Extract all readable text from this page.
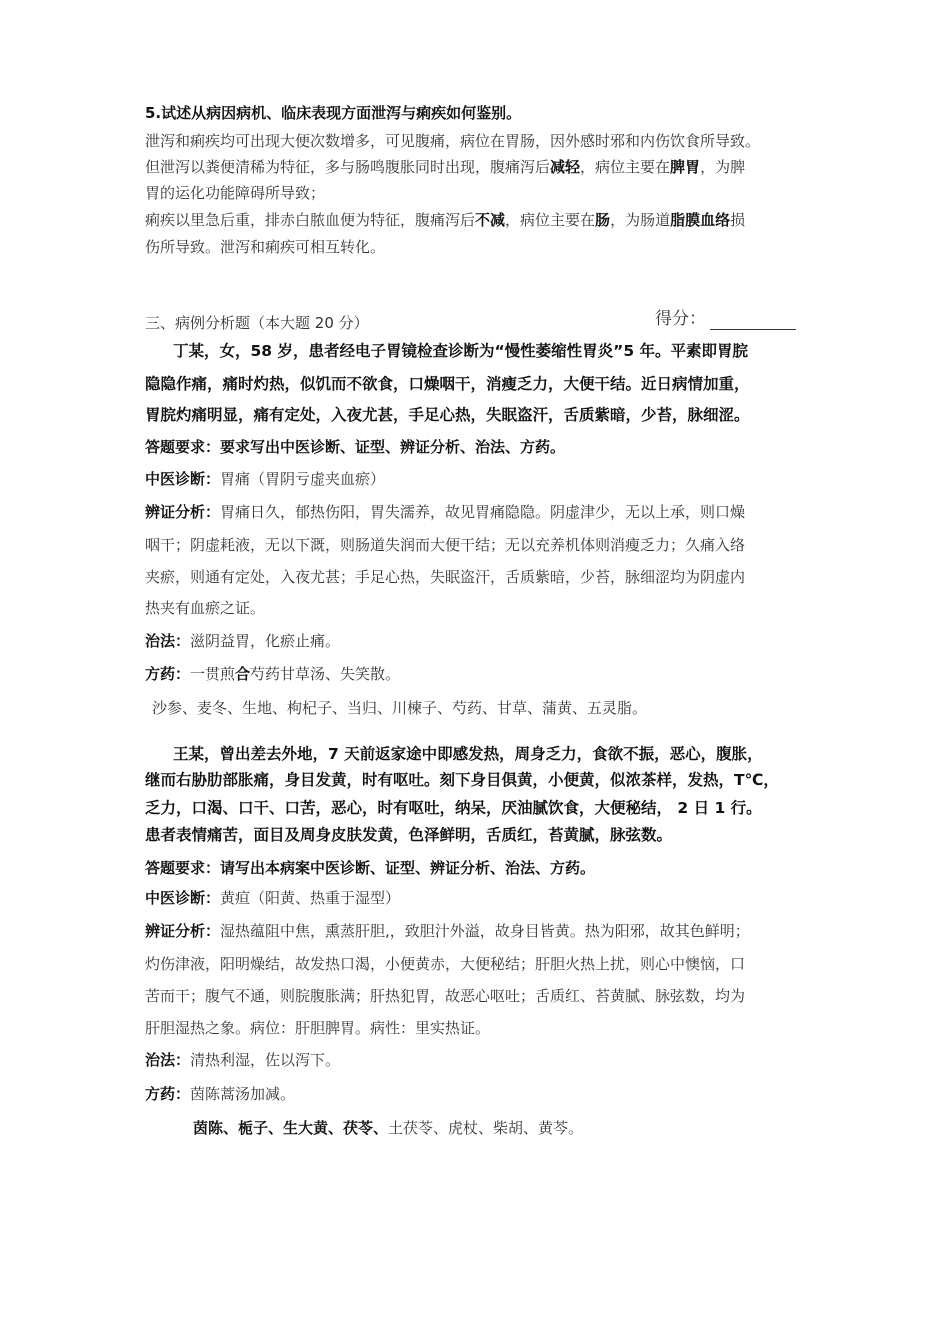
5.试述从病因病机、临床表现方面泄泻与痢疾如何鉴别。
泄泻和痢疾均可出现大便次数增多，可见腹痛，病位在胃肠，因外感时邪和内伤饮食所导致。
但泄泻以粪便清稀为特征，多与肠鸣腹胀同时出现，腹痛泻后减轻，病位主要在脾胃，为脾
胃的运化功能障碍所导致；
痢疾以里急后重，排赤白脓血便为特征，腹痛泻后不减，病位主要在肠，为肠道脂膜血络损
伤所导致。泄泻和痢疾可相互转化。
三、病例分析题（本大题 20 分）	得分：
丁某，女，58 岁，患者经电子胃镜检查诊断为“慢性萎缩性胃炎”5 年。平素即胃脘
隐隐作痛，痛时灼热，似饥而不欲食，口燥咽干，消瘦乏力，大便干结。近日病情加重，
胃脘灼痛明显，痛有定处，入夜尤甚，手足心热，失眠盗汗，舌质紫暗，少苔，脉细涩。
答题要求：要求写出中医诊断、证型、辨证分析、治法、方药。
中医诊断：胃痛（胃阴亏虚夹血瘀）
辨证分析：胃痛日久，郁热伤阳，胃失濡养，故见胃痛隐隐。阴虚津少，无以上承，则口燥
咽干；阴虚耗液，无以下溉，则肠道失润而大便干结；无以充养机体则消瘦乏力；久痛入络
夹瘀，则通有定处，入夜尤甚；手足心热，失眠盗汗，舌质紫暗，少苔，脉细涩均为阴虚内
热夹有血瘀之证。
治法：滋阴益胃，化瘀止痛。
方药：一贯煎合芍药甘草汤、失笑散。
沙参、麦冬、生地、枸杞子、当归、川楝子、芍药、甘草、蒲黄、五灵脂。
王某，曾出差去外地，7 天前返家途中即感发热，周身乏力，食欲不振，恶心，腹胀，
继而右胁肋部胀痛，身目发黄，时有呕吐。刻下身目俱黄，小便黄，似浓茶样，发热，T℃，
乏力，口渴、口干、口苦，恶心，时有呕吐，纳呆，厌油腻饮食，大便秘结， 2 日 1 行。
患者表情痛苦，面目及周身皮肤发黄，色泽鲜明，舌质红，苔黄腻，脉弦数。
答题要求：请写出本病案中医诊断、证型、辨证分析、治法、方药。
中医诊断：黄疸（阳黄、热重于湿型）
辨证分析：湿热蕴阻中焦，熏蒸肝胆,，致胆汁外溢，故身目皆黄。热为阳邪，故其色鲜明；
灼伤津液，阳明燥结，故发热口渴，小便黄赤，大便秘结；肝胆火热上扰，则心中懊恼，口
苦而干；腹气不通，则脘腹胀满；肝热犯胃，故恶心呕吐；舌质红、苔黄腻、脉弦数，均为
肝胆湿热之象。病位：肝胆脾胃。病性：里实热证。
治法：清热利湿，佐以泻下。
方药：茵陈蒿汤加减。
茵陈、栀子、生大黄、茯苓、土茯苓、虎杖、柴胡、黄芩。
